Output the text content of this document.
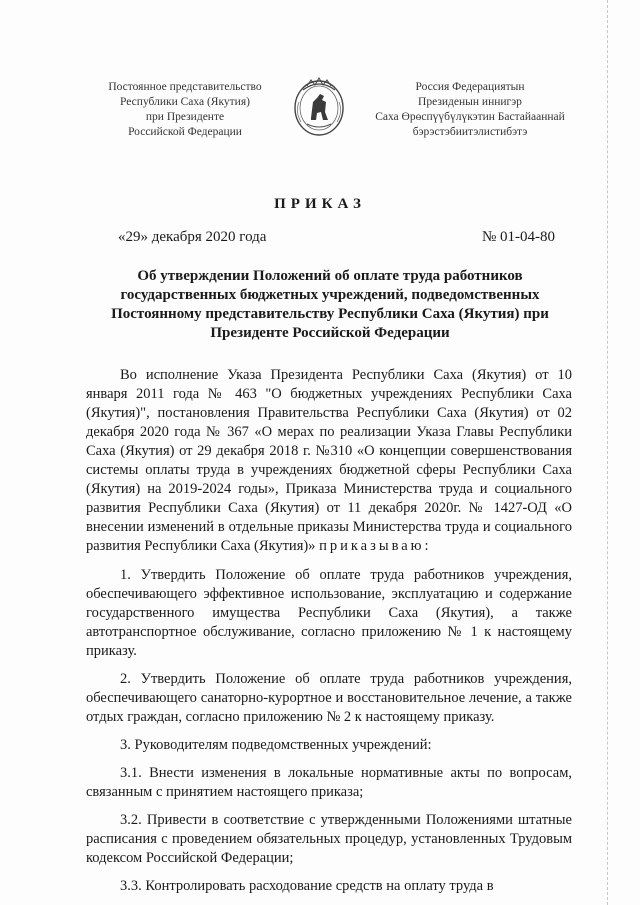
Постоянное представительство
Республики Саха (Якутия)
при Президенте
Российской Федерации
Россия Федерациятын
Президенын иннигэр
Саха Өрөспүүбүлүкэтин Бастайааннай
бэрэстэбиитэлистибэтэ
ПРИКАЗ
«29» декабря 2020 года	№ 01-04-80
Об утверждении Положений об оплате труда работников
государственных бюджетных учреждений, подведомственных
Постоянному представительству Республики Саха (Якутия) при
Президенте Российской Федерации

Во исполнение Указа Президента Республики Саха (Якутия) от 10 января 2011 года № 463 "О бюджетных учреждениях Республики Саха (Якутия)", постановления Правительства Республики Саха (Якутия) от 02 декабря 2020 года № 367 «О мерах по реализации Указа Главы Республики Саха (Якутия) от 29 декабря 2018 г. №310 «О концепции совершенствования системы оплаты труда в учреждениях бюджетной сферы Республики Саха (Якутия) на 2019-2024 годы», Приказа Министерства труда и социального развития Республики Саха (Якутия) от 11 декабря 2020г. № 1427-ОД «О внесении изменений в отдельные приказы Министерства труда и социального развития Республики Саха (Якутия)» приказываю:

1. Утвердить Положение об оплате труда работников учреждения, обеспечивающего эффективное использование, эксплуатацию и содержание государственного имущества Республики Саха (Якутия), а также автотранспортное обслуживание, согласно приложению № 1 к настоящему приказу.

2. Утвердить Положение об оплате труда работников учреждения, обеспечивающего санаторно-курортное и восстановительное лечение, а также отдых граждан, согласно приложению № 2 к настоящему приказу.

3. Руководителям подведомственных учреждений:

3.1. Внести изменения в локальные нормативные акты по вопросам, связанным с принятием настоящего приказа;

3.2. Привести в соответствие с утвержденными Положениями штатные расписания с проведением обязательных процедур, установленных Трудовым кодексом Российской Федерации;

3.3. Контролировать расходование средств на оплату труда в
